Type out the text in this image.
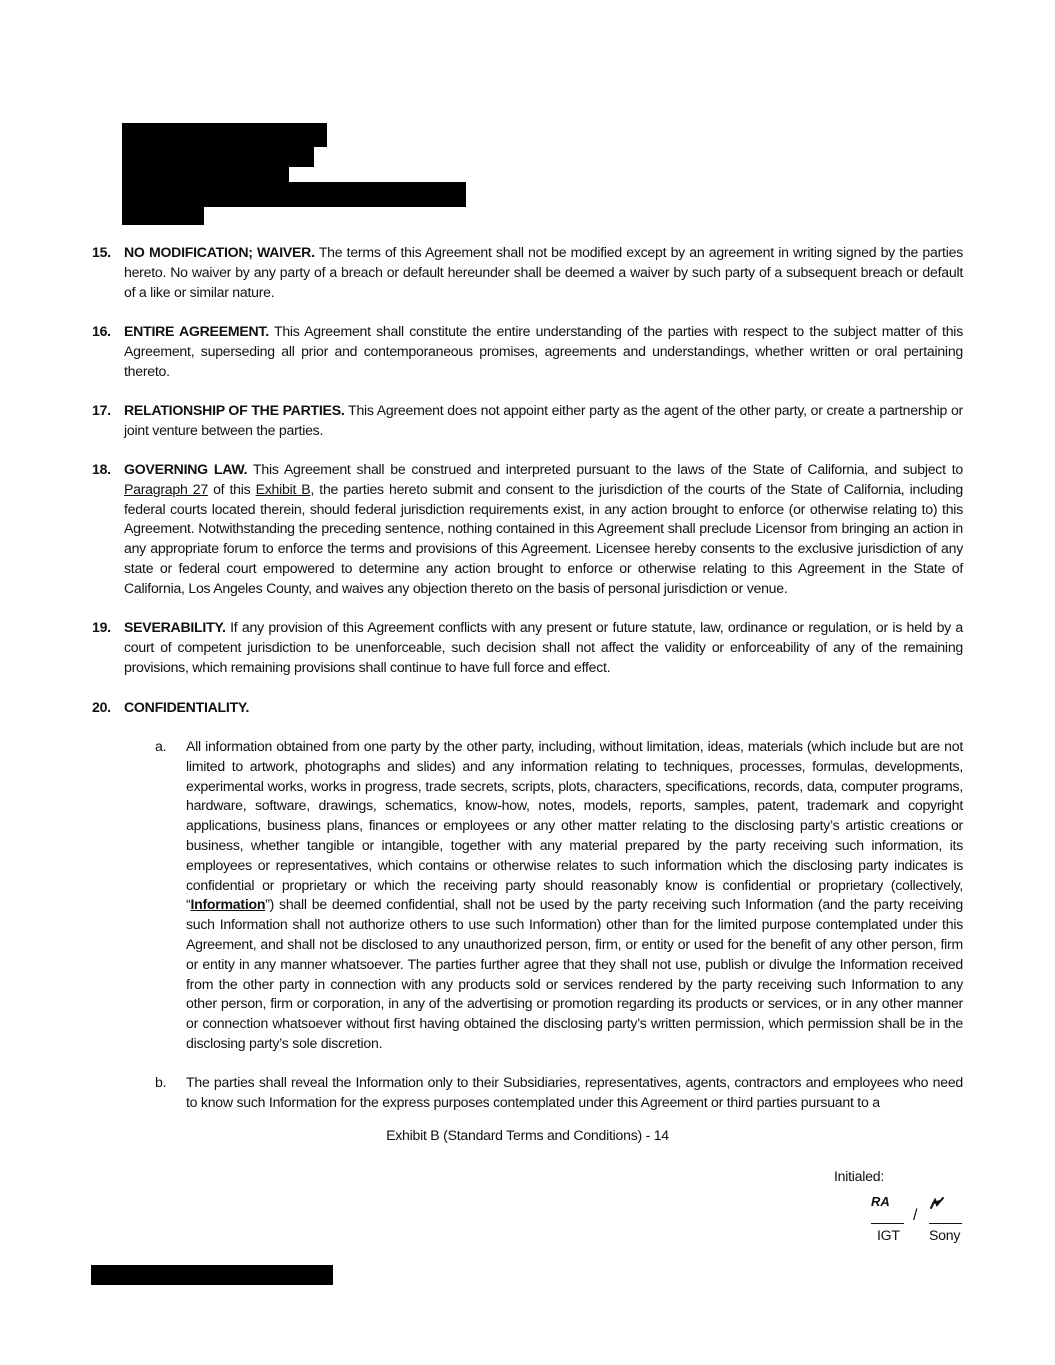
15. NO MODIFICATION; WAIVER. The terms of this Agreement shall not be modified except by an agreement in writing signed by the parties hereto. No waiver by any party of a breach or default hereunder shall be deemed a waiver by such party of a subsequent breach or default of a like or similar nature.
16. ENTIRE AGREEMENT. This Agreement shall constitute the entire understanding of the parties with respect to the subject matter of this Agreement, superseding all prior and contemporaneous promises, agreements and understandings, whether written or oral pertaining thereto.
17. RELATIONSHIP OF THE PARTIES. This Agreement does not appoint either party as the agent of the other party, or create a partnership or joint venture between the parties.
18. GOVERNING LAW. This Agreement shall be construed and interpreted pursuant to the laws of the State of California, and subject to Paragraph 27 of this Exhibit B, the parties hereto submit and consent to the jurisdiction of the courts of the State of California, including federal courts located therein, should federal jurisdiction requirements exist, in any action brought to enforce (or otherwise relating to) this Agreement. Notwithstanding the preceding sentence, nothing contained in this Agreement shall preclude Licensor from bringing an action in any appropriate forum to enforce the terms and provisions of this Agreement. Licensee hereby consents to the exclusive jurisdiction of any state or federal court empowered to determine any action brought to enforce or otherwise relating to this Agreement in the State of California, Los Angeles County, and waives any objection thereto on the basis of personal jurisdiction or venue.
19. SEVERABILITY. If any provision of this Agreement conflicts with any present or future statute, law, ordinance or regulation, or is held by a court of competent jurisdiction to be unenforceable, such decision shall not affect the validity or enforceability of any of the remaining provisions, which remaining provisions shall continue to have full force and effect.
20. CONFIDENTIALITY.
a. All information obtained from one party by the other party, including, without limitation, ideas, materials (which include but are not limited to artwork, photographs and slides) and any information relating to techniques, processes, formulas, developments, experimental works, works in progress, trade secrets, scripts, plots, characters, specifications, records, data, computer programs, hardware, software, drawings, schematics, know-how, notes, models, reports, samples, patent, trademark and copyright applications, business plans, finances or employees or any other matter relating to the disclosing party’s artistic creations or business, whether tangible or intangible, together with any material prepared by the party receiving such information, its employees or representatives, which contains or otherwise relates to such information which the disclosing party indicates is confidential or proprietary or which the receiving party should reasonably know is confidential or proprietary (collectively, “Information”) shall be deemed confidential, shall not be used by the party receiving such Information (and the party receiving such Information shall not authorize others to use such Information) other than for the limited purpose contemplated under this Agreement, and shall not be disclosed to any unauthorized person, firm, or entity or used for the benefit of any other person, firm or entity in any manner whatsoever. The parties further agree that they shall not use, publish or divulge the Information received from the other party in connection with any products sold or services rendered by the party receiving such Information to any other person, firm or corporation, in any of the advertising or promotion regarding its products or services, or in any other manner or connection whatsoever without first having obtained the disclosing party’s written permission, which permission shall be in the disclosing party’s sole discretion.
b. The parties shall reveal the Information only to their Subsidiaries, representatives, agents, contractors and employees who need to know such Information for the express purposes contemplated under this Agreement or third parties pursuant to a
Exhibit B (Standard Terms and Conditions) - 14
Initialed:
RA
/
IGT Sony
